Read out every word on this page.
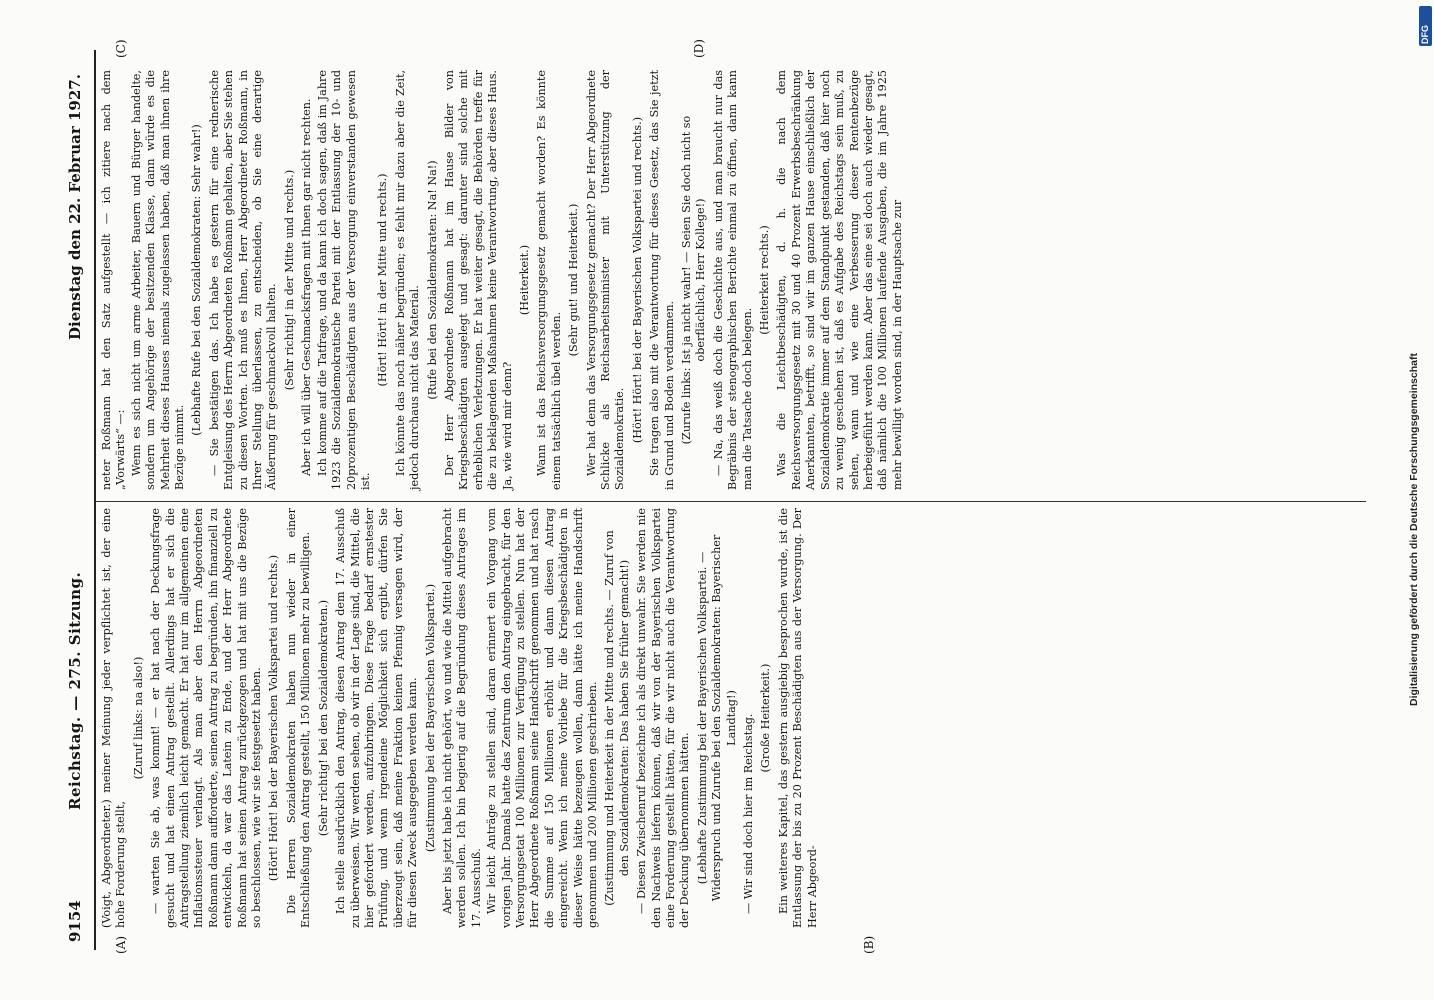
9154
Reichstag. — 275. Sitzung.
Dienstag den 22. Februar 1927.
(A)	(B)
(C)	(D)

(Voigt, Abgeordneter.) meiner Meinung jeder verpflichtet ist, der eine hohe Forderung stellt,

(Zuruf links: na also!) — warten Sie ab, was kommt! — er hat nach der Deckungsfrage gesucht und hat einen Antrag gestellt. Allerdings hat er sich die Antragstellung ziemlich leicht gemacht. Er hat nur im allgemeinen eine Inflationssteuer verlangt. Als man aber den Herrn Abgeordneten Roßmann dann aufforderte, seinen Antrag zu begründen, ihn finanziell zu entwickeln, da war das Latein zu Ende, und der Herr Abgeordnete Roßmann hat seinen Antrag zurückgezogen und hat mit uns die Bezüge so beschlossen, wie wir sie festgesetzt haben. (Hört! Hört! bei der Bayerischen Volkspartei und rechts.) Die Herren Sozialdemokraten haben nun wieder in einer Entschließung den Antrag gestellt, 150 Millionen mehr zu bewilligen. (Sehr richtig! bei den Sozialdemokraten.) Ich stelle ausdrücklich den Antrag, diesen Antrag dem 17. Ausschuß zu überweisen. Wir werden sehen, ob wir in der Lage sind, die Mittel, die hier gefordert werden, aufzubringen. Diese Frage bedarf ernstester Prüfung, und wenn irgendeine Möglichkeit sich ergibt, dürfen Sie überzeugt sein, daß meine Fraktion keinen Pfennig versagen wird, der für diesen Zweck ausgegeben werden kann. (Zustimmung bei der Bayerischen Volkspartei.) Aber bis jetzt habe ich nicht gehört, wo und wie die Mittel aufgebracht werden sollen. Ich bin begierig auf die Begründung dieses Antrages im 17. Ausschuß. Wir leicht Anträge zu stellen sind, daran erinnert ein Vorgang vom vorigen Jahr. Damals hatte das Zentrum den Antrag eingebracht, für den Versorgungsetat 100 Millionen zur Verfügung zu stellen. Nun hat der Herr Abgeordnete Roßmann seine Handschrift genommen und hat rasch die Summe auf 150 Millionen erhöht und dann diesen Antrag eingereicht. Wenn ich meine Vorliebe für die Kriegsbeschädigten in dieser Weise hätte bezeugen wollen, dann hätte ich meine Handschrift genommen und 200 Millionen geschrieben. (Zustimmung und Heiterkeit in der Mitte und rechts. — Zuruf von den Sozialdemokraten: Das haben Sie früher gemacht!) — Diesen Zwischenruf bezeichne ich als direkt unwahr. Sie werden nie den Nachweis liefern können, daß wir von der Bayerischen Volkspartei eine Forderung gestellt hätten, für die wir nicht auch die Verantwortung der Deckung übernommen hätten. (Lebhafte Zustimmung bei der Bayerischen Volkspartei. — Widerspruch und Zurufe bei den Sozialdemokraten: Bayerischer Landtag!) — Wir sind doch hier im Reichstag. (Große Heiterkeit.) Ein weiteres Kapitel, das gestern ausgiebig besprochen wurde, ist die Entlassung der bis zu 20 Prozent Beschädigten aus der Versorgung. Der Herr Abgeord-

neter Roßmann hat den Satz aufgestellt — ich zitiere nach dem „Vorwärts“ —: Wenn es sich nicht um arme Arbeiter, Bauern und Bürger handelte, sondern um Angehörige der besitzenden Klasse, dann würde es die Mehrheit dieses Hauses niemals zugelassen haben, daß man ihnen ihre Bezüge nimmt.

(Lebhafte Rufe bei den Sozialdemokraten: Sehr wahr!) — Sie bestätigen das. Ich habe es gestern für eine rednerische Entgleisung des Herrn Abgeordneten Roßmann gehalten, aber Sie stehen zu diesen Worten. Ich muß es Ihnen, Herr Abgeordneter Roßmann, in Ihrer Stellung überlassen, zu entscheiden, ob Sie eine derartige Äußerung für geschmackvoll halten. (Sehr richtig! in der Mitte und rechts.) Aber ich will über Geschmacksfragen mit Ihnen gar nicht rechten. Ich komme auf die Tatfrage, und da kann ich doch sagen, daß im Jahre 1923 die Sozialdemokratische Partei mit der Entlassung der 10- und 20prozentigen Beschädigten aus der Versorgung einverstanden gewesen ist.

(Hört! Hört! in der Mitte und rechts.) Ich könnte das noch näher begründen; es fehlt mir dazu aber die Zeit, jedoch durchaus nicht das Material. (Rufe bei den Sozialdemokraten: Na! Na!) Der Herr Abgeordnete Roßmann hat im Hause Bilder von Kriegsbeschädigten ausgelegt und gesagt: darunter sind solche mit erheblichen Verletzungen. Er hat weiter gesagt, die Behörden treffe für die zu beklagenden Maßnahmen keine Verantwortung, aber dieses Haus. Ja, wie wird mir denn?

(Heiterkeit.) Wann ist das Reichsversorgungsgesetz gemacht worden? Es könnte einem tatsächlich übel werden.

(Sehr gut! und Heiterkeit.) Wer hat denn das Versorgungsgesetz gemacht? Der Herr Abgeordnete Schlicke als Reichsarbeitsminister mit Unterstützung der Sozialdemokratie. (Hört! Hört! bei der Bayerischen Volkspartei und rechts.) Sie tragen also mit die Verantwortung für dieses Gesetz, das Sie jetzt in Grund und Boden verdammen. (Zurufe links: Ist ja nicht wahr! — Seien Sie doch nicht so oberflächlich, Herr Kollege!) — Na, das weiß doch die Geschichte aus, und man braucht nur das Begräbnis der stenographischen Berichte einmal zu öffnen, dann kann man die Tatsache doch belegen.

(Heiterkeit rechts.) Was die Leichtbeschädigten, d. h. die nach dem Reichsversorgungsgesetz mit 30 und 40 Prozent Erwerbsbeschränkung Anerkannten, betrifft, so sind wir im ganzen Hause einschließlich der Sozialdemokratie immer auf dem Standpunkt gestanden, daß hier noch zu wenig geschehen ist, daß es Aufgabe des Reichstags sein muß, zu sehen, wann und wie eine Verbesserung dieser Rentenbezüge herbeigeführt werden kann. Aber das eine sei doch auch wieder gesagt, daß nämlich die 100 Millionen laufende Ausgaben, die im Jahre 1925 mehr bewilligt worden sind, in der Hauptsache zur

Digitalisierung gefördert durch die Deutsche Forschungsgemeinschaft
DFG
